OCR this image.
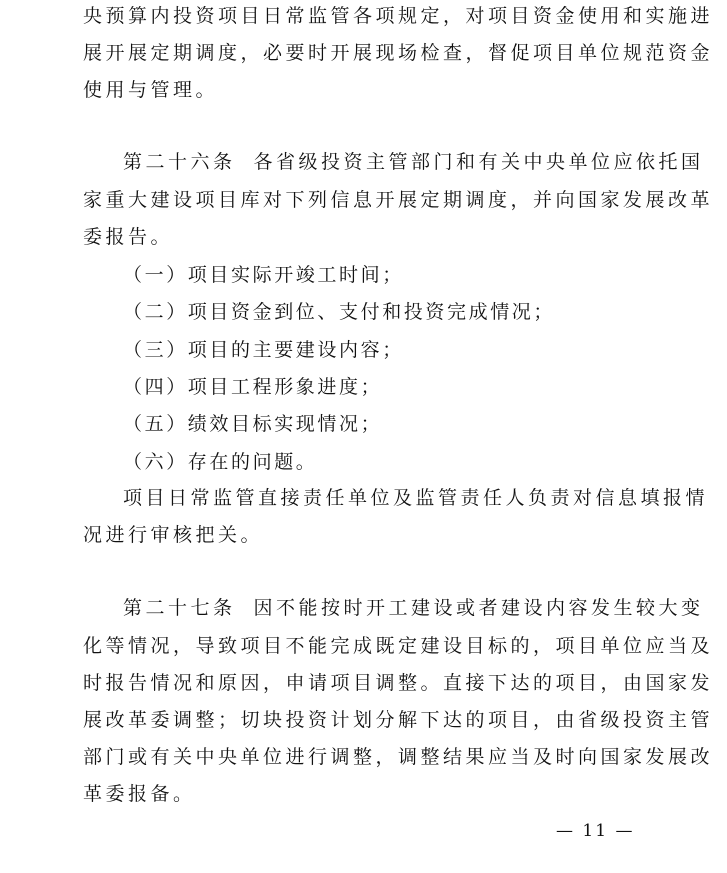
央预算内投资项目日常监管各项规定，对项目资金使用和实施进
展开展定期调度，必要时开展现场检查，督促项目单位规范资金
使用与管理。
第二十六条 各省级投资主管部门和有关中央单位应依托国
家重大建设项目库对下列信息开展定期调度，并向国家发展改革
委报告。
（一）项目实际开竣工时间；
（二）项目资金到位、支付和投资完成情况；
（三）项目的主要建设内容；
（四）项目工程形象进度；
（五）绩效目标实现情况；
（六）存在的问题。
项目日常监管直接责任单位及监管责任人负责对信息填报情
况进行审核把关。
第二十七条 因不能按时开工建设或者建设内容发生较大变
化等情况，导致项目不能完成既定建设目标的，项目单位应当及
时报告情况和原因，申请项目调整。直接下达的项目，由国家发
展改革委调整；切块投资计划分解下达的项目，由省级投资主管
部门或有关中央单位进行调整，调整结果应当及时向国家发展改
革委报备。
— 11 —
